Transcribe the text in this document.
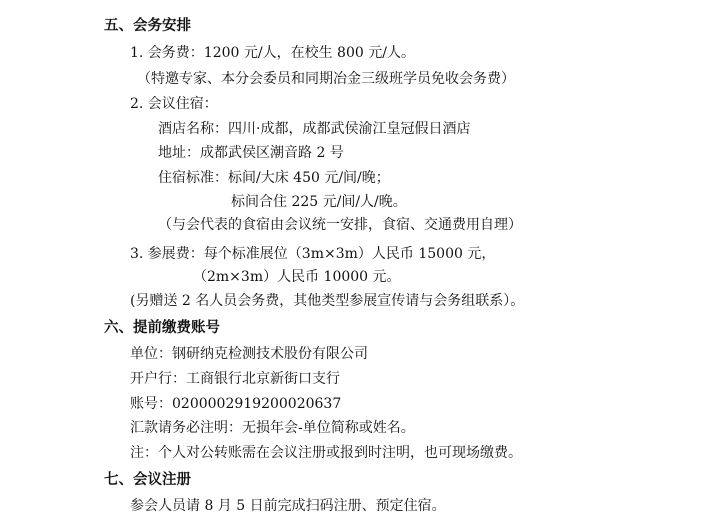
五、会务安排
1. 会务费：1200 元/人，在校生 800 元/人。
（特邀专家、本分会委员和同期冶金三级班学员免收会务费）
2. 会议住宿：
酒店名称：四川·成都，成都武侯渝江皇冠假日酒店
地址：成都武侯区潮音路 2 号
住宿标准：标间/大床 450 元/间/晚；
标间合住 225 元/间/人/晚。
（与会代表的食宿由会议统一安排，食宿、交通费用自理）
3. 参展费：每个标准展位（3m×3m）人民币 15000 元，
（2m×3m）人民币 10000 元。
(另赠送 2 名人员会务费，其他类型参展宣传请与会务组联系）。
六、提前缴费账号
单位：钢研纳克检测技术股份有限公司
开户行：工商银行北京新街口支行
账号：0200002919200020637
汇款请务必注明：无损年会-单位简称或姓名。
注：个人对公转账需在会议注册或报到时注明，也可现场缴费。
七、会议注册
参会人员请 8 月 5 日前完成扫码注册、预定住宿。
